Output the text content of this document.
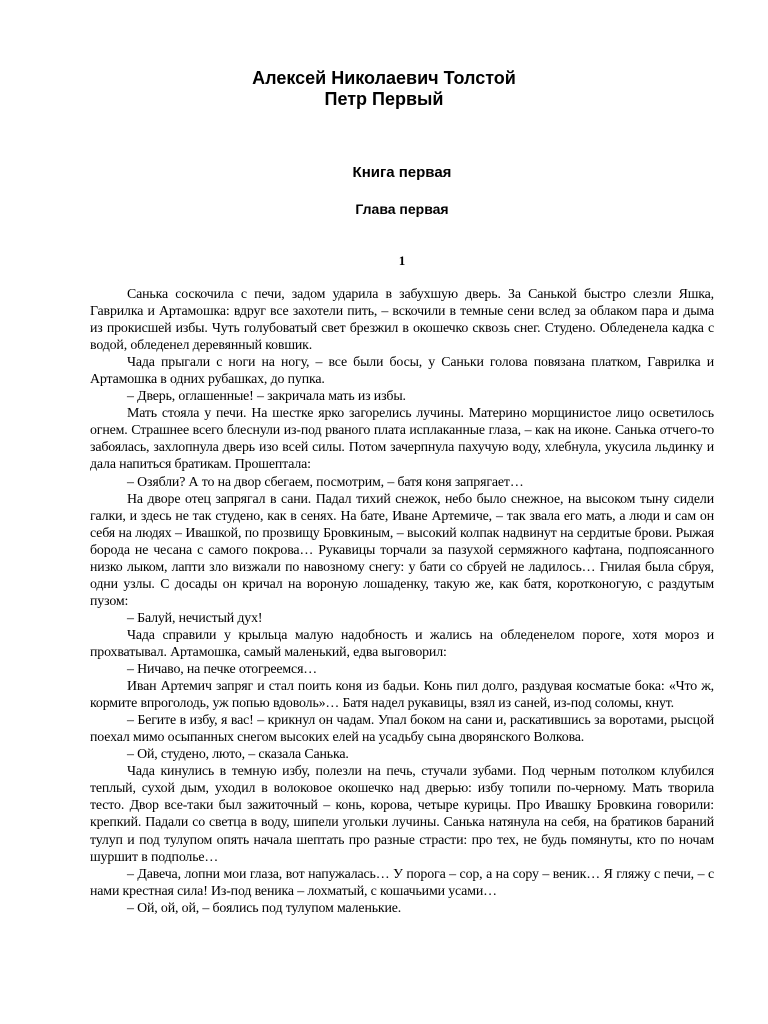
Алексей Николаевич Толстой
Петр Первый
Книга первая
Глава первая
1

Санька соскочила с печи, задом ударила в забухшую дверь. За Санькой быстро слезли Яшка, Гаврилка и Артамошка: вдруг все захотели пить, – вскочили в темные сени вслед за облаком пара и дыма из прокисшей избы. Чуть голубоватый свет брезжил в окошечко сквозь снег. Студено. Обледенела кадка с водой, обледенел деревянный ковшик.

Чада прыгали с ноги на ногу, – все были босы, у Саньки голова повязана платком, Гаврилка и Артамошка в одних рубашках, до пупка.

– Дверь, оглашенные! – закричала мать из избы.

Мать стояла у печи. На шестке ярко загорелись лучины. Материно морщинистое лицо осветилось огнем. Страшнее всего блеснули из-под рваного плата исплаканные глаза, – как на иконе. Санька отчего-то забоялась, захлопнула дверь изо всей силы. Потом зачерпнула пахучую воду, хлебнула, укусила льдинку и дала напиться братикам. Прошептала:

– Озябли? А то на двор сбегаем, посмотрим, – батя коня запрягает…

На дворе отец запрягал в сани. Падал тихий снежок, небо было снежное, на высоком тыну сидели галки, и здесь не так студено, как в сенях. На бате, Иване Артемиче, – так звала его мать, а люди и сам он себя на людях – Ивашкой, по прозвищу Бровкиным, – высокий колпак надвинут на сердитые брови. Рыжая борода не чесана с самого покрова… Рукавицы торчали за пазухой сермяжного кафтана, подпоясанного низко лыком, лапти зло визжали по навозному снегу: у бати со сбруей не ладилось… Гнилая была сбруя, одни узлы. С досады он кричал на вороную лошаденку, такую же, как батя, коротконогую, с раздутым пузом:

– Балуй, нечистый дух!

Чада справили у крыльца малую надобность и жались на обледенелом пороге, хотя мороз и прохватывал. Артамошка, самый маленький, едва выговорил:

– Ничаво, на печке отогреемся…

Иван Артемич запряг и стал поить коня из бадьи. Конь пил долго, раздувая косматые бока: «Что ж, кормите впроголодь, уж попью вдоволь»… Батя надел рукавицы, взял из саней, из-под соломы, кнут.

– Бегите в избу, я вас! – крикнул он чадам. Упал боком на сани и, раскатившись за воротами, рысцой поехал мимо осыпанных снегом высоких елей на усадьбу сына дворянского Волкова.

– Ой, студено, люто, – сказала Санька.

Чада кинулись в темную избу, полезли на печь, стучали зубами. Под черным потолком клубился теплый, сухой дым, уходил в волоковое окошечко над дверью: избу топили по-черному. Мать творила тесто. Двор все-таки был зажиточный – конь, корова, четыре курицы. Про Ивашку Бровкина говорили: крепкий. Падали со светца в воду, шипели угольки лучины. Санька натянула на себя, на братиков бараний тулуп и под тулупом опять начала шептать про разные страсти: про тех, не будь помянуты, кто по ночам шуршит в подполье…

– Давеча, лопни мои глаза, вот напужалась… У порога – сор, а на сору – веник… Я гляжу с печи, – с нами крестная сила! Из-под веника – лохматый, с кошачьими усами…

– Ой, ой, ой, – боялись под тулупом маленькие.
